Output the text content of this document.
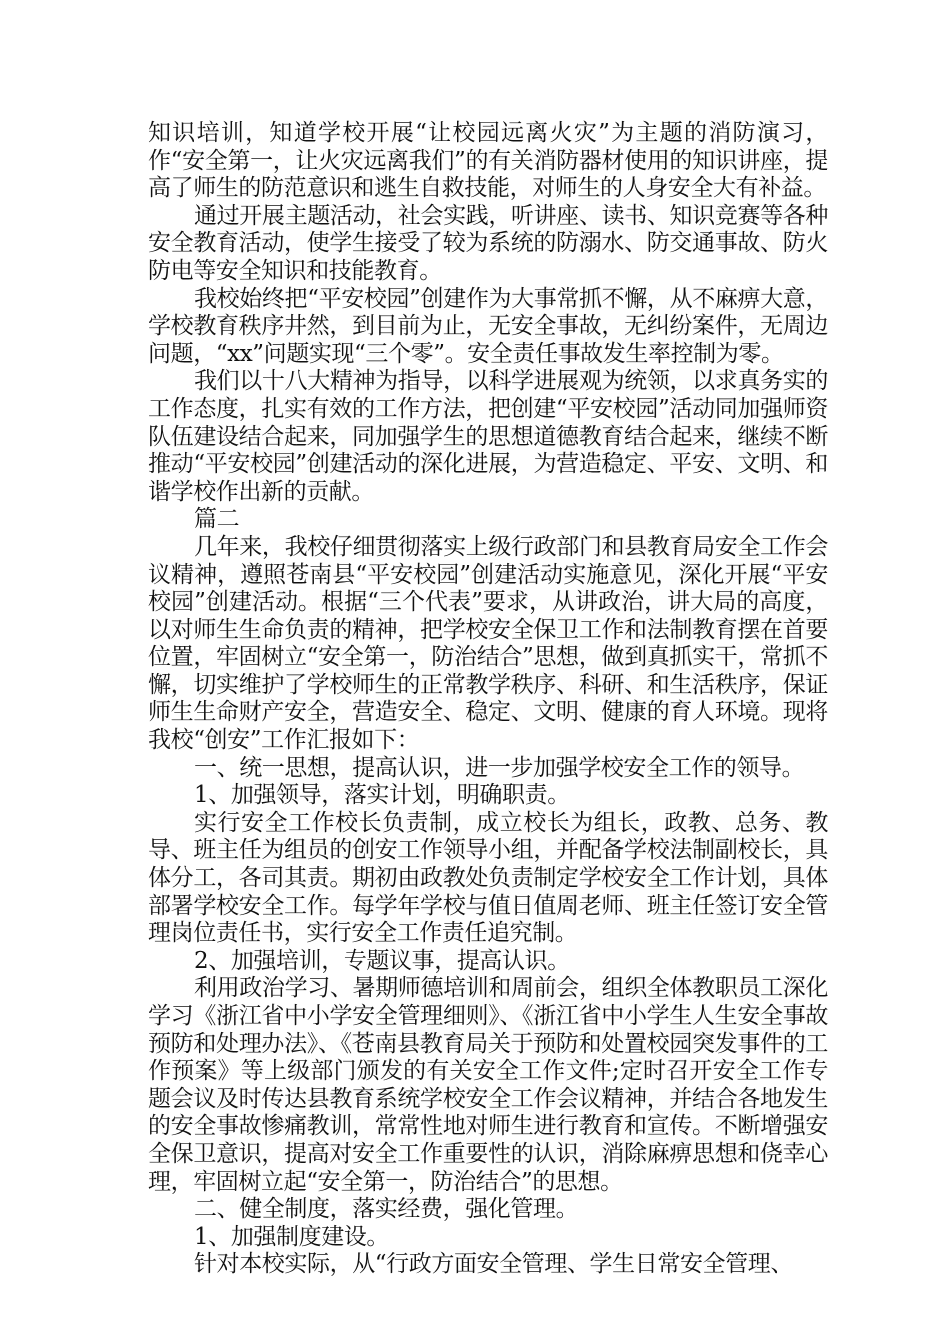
知识培训，知道学校开展“让校园远离火灾”为主题的消防演习，作“安全第一，让火灾远离我们”的有关消防器材使用的知识讲座，提高了师生的防范意识和逃生自救技能，对师生的人身安全大有补益。

通过开展主题活动，社会实践，听讲座、读书、知识竞赛等各种安全教育活动，使学生接受了较为系统的防溺水、防交通事故、防火防电等安全知识和技能教育。

我校始终把“平安校园”创建作为大事常抓不懈，从不麻痹大意，学校教育秩序井然，到目前为止，无安全事故，无纠纷案件，无周边问题，“xx”问题实现“三个零”。安全责任事故发生率控制为零。

我们以十八大精神为指导，以科学进展观为统领，以求真务实的工作态度，扎实有效的工作方法，把创建“平安校园”活动同加强师资队伍建设结合起来，同加强学生的思想道德教育结合起来，继续不断推动“平安校园”创建活动的深化进展，为营造稳定、平安、文明、和谐学校作出新的贡献。

篇二

几年来，我校仔细贯彻落实上级行政部门和县教育局安全工作会议精神，遵照苍南县“平安校园”创建活动实施意见，深化开展“平安校园”创建活动。根据“三个代表”要求，从讲政治，讲大局的高度，以对师生生命负责的精神，把学校安全保卫工作和法制教育摆在首要位置，牢固树立“安全第一，防治结合”思想，做到真抓实干，常抓不懈，切实维护了学校师生的正常教学秩序、科研、和生活秩序，保证师生生命财产安全，营造安全、稳定、文明、健康的育人环境。现将我校“创安”工作汇报如下：

一、统一思想，提高认识，进一步加强学校安全工作的领导。

1、加强领导，落实计划，明确职责。

实行安全工作校长负责制，成立校长为组长，政教、总务、教导、班主任为组员的创安工作领导小组，并配备学校法制副校长，具体分工，各司其责。期初由政教处负责制定学校安全工作计划，具体部署学校安全工作。每学年学校与值日值周老师、班主任签订安全管理岗位责任书，实行安全工作责任追究制。

2、加强培训，专题议事，提高认识。

利用政治学习、暑期师德培训和周前会，组织全体教职员工深化学习《浙江省中小学安全管理细则》、《浙江省中小学生人生安全事故预防和处理办法》、《苍南县教育局关于预防和处置校园突发事件的工作预案》等上级部门颁发的有关安全工作文件;定时召开安全工作专题会议及时传达县教育系统学校安全工作会议精神，并结合各地发生的安全事故惨痛教训，常常性地对师生进行教育和宣传。不断增强安全保卫意识，提高对安全工作重要性的认识，消除麻痹思想和侥幸心理，牢固树立起“安全第一，防治结合”的思想。

二、健全制度，落实经费，强化管理。

1、加强制度建设。

针对本校实际，从“行政方面安全管理、学生日常安全管理、
